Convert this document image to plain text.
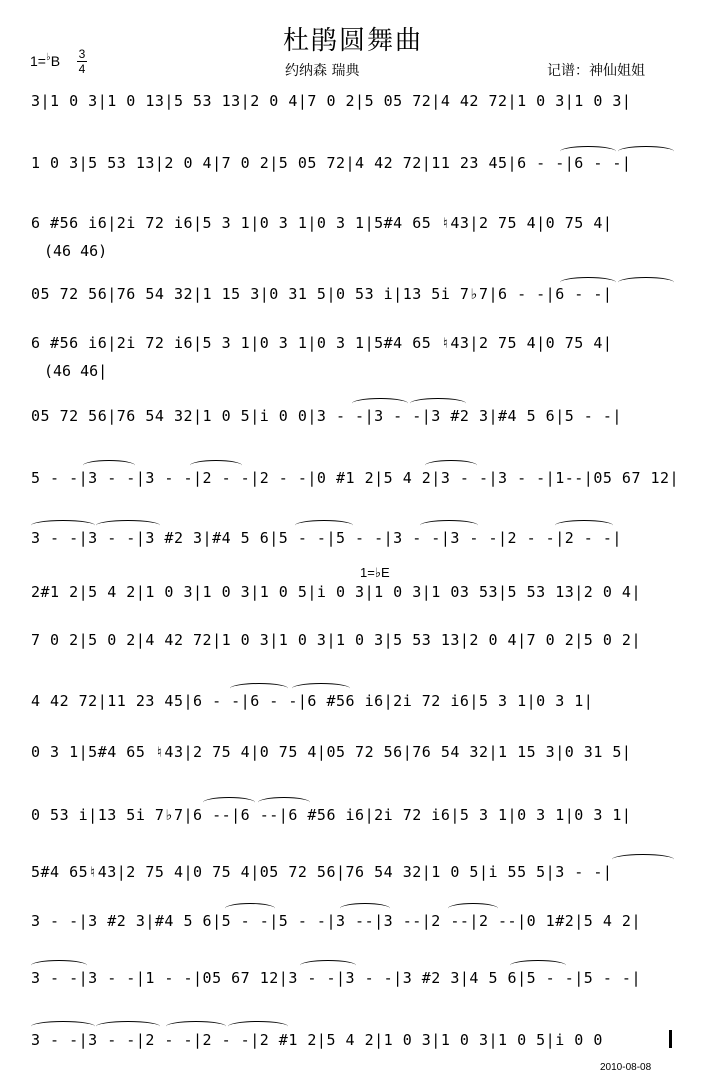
杜鹃圆舞曲
1=♭B 3
4	约纳森 瑞典	记谱：神仙姐姐
3|1 0 3|1 0 13|5 53 13|2 0 4|7 0 2|5 05 72|4 42 72|1 0 3|1 0 3|
1 0 3|5 53 13|2 0 4|7 0 2|5 05 72|4 42 72|11 23 45|6 - -|6 - -|
6 #56 i6|2i 72 i6|5 3 1|0 3 1|0 3 1|5#4 65 ♮43|2 75 4|0 75 4|
(46 46)
05 72 56|76 54 32|1 15 3|0 31 5|0 53 i|13 5i 7♭7|6 - -|6 - -|
6 #56 i6|2i 72 i6|5 3 1|0 3 1|0 3 1|5#4 65 ♮43|2 75 4|0 75 4|
(46 46|
05 72 56|76 54 32|1 0 5|i 0 0|3 - -|3 - -|3 #2 3|#4 5 6|5 - -|
5 - -|3 - -|3 - -|2 - -|2 - -|0 #1 2|5 4 2|3 - -|3 - -|1--|05 67 12|
3 - -|3 - -|3 #2 3|#4 5 6|5 - -|5 - -|3 - -|3 - -|2 - -|2 - -|
1=♭E
2#1 2|5 4 2|1 0 3|1 0 3|1 0 5|i 0 3|1 0 3|1 03 53|5 53 13|2 0 4|
7 0 2|5 0 2|4 42 72|1 0 3|1 0 3|1 0 3|5 53 13|2 0 4|7 0 2|5 0 2|
4 42 72|11 23 45|6 - -|6 - -|6 #56 i6|2i 72 i6|5 3 1|0 3 1|
0 3 1|5#4 65 ♮43|2 75 4|0 75 4|05 72 56|76 54 32|1 15 3|0 31 5|
0 53 i|13 5i 7♭7|6 --|6 --|6 #56 i6|2i 72 i6|5 3 1|0 3 1|0 3 1|
5#4 65♮43|2 75 4|0 75 4|05 72 56|76 54 32|1 0 5|i 55 5|3 - -|
3 - -|3 #2 3|#4 5 6|5 - -|5 - -|3 --|3 --|2 --|2 --|0 1#2|5 4 2|
3 - -|3 - -|1 - -|05 67 12|3 - -|3 - -|3 #2 3|4 5 6|5 - -|5 - -|
3 - -|3 - -|2 - -|2 - -|2 #1 2|5 4 2|1 0 3|1 0 3|1 0 5|i 0 0
2010-08-08
